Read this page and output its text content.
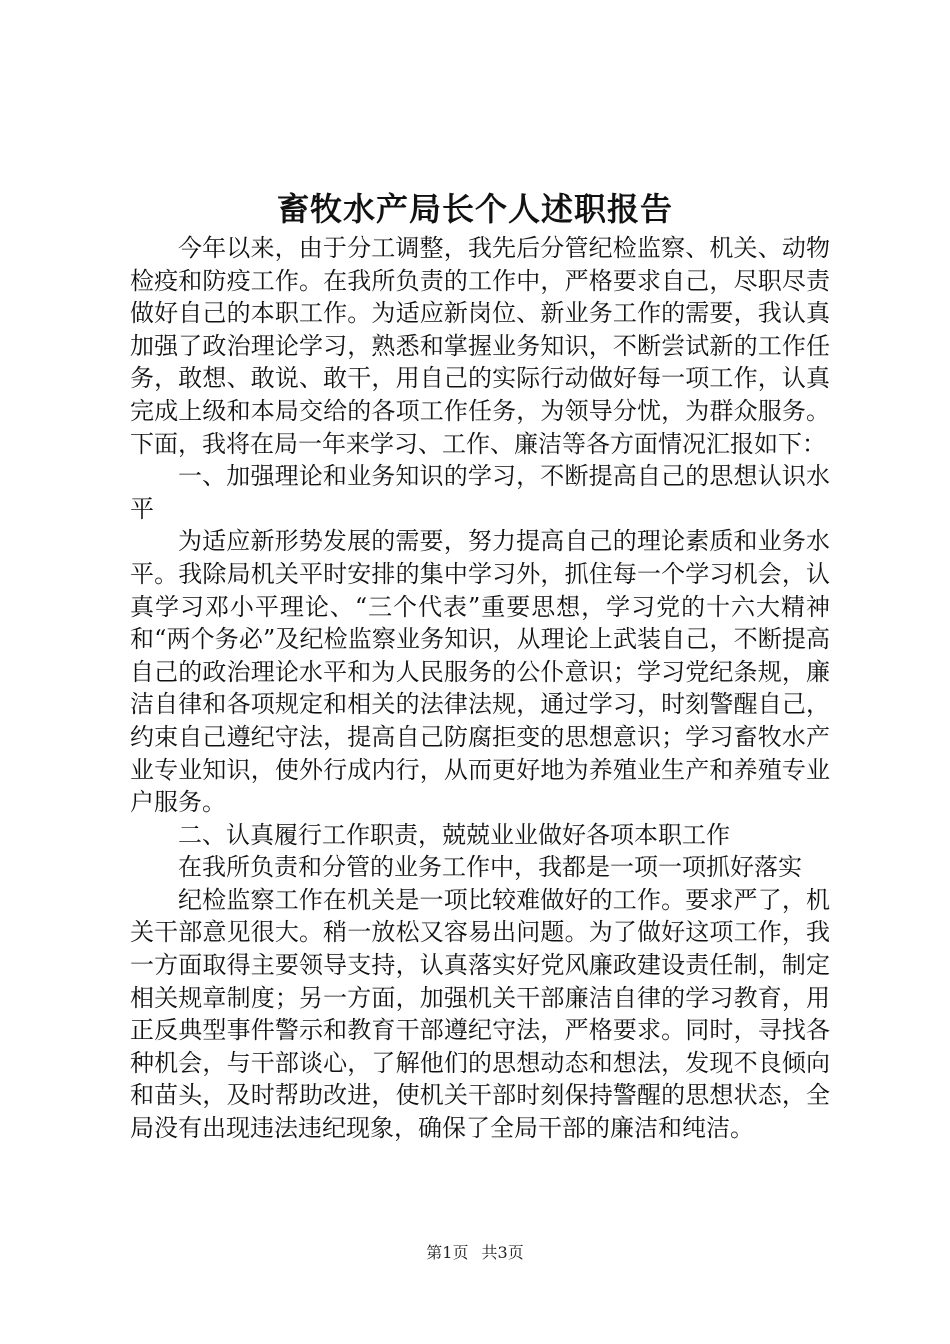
畜牧水产局长个人述职报告

今年以来，由于分工调整，我先后分管纪检监察、机关、动物检疫和防疫工作。在我所负责的工作中，严格要求自己，尽职尽责做好自己的本职工作。为适应新岗位、新业务工作的需要，我认真加强了政治理论学习，熟悉和掌握业务知识，不断尝试新的工作任务，敢想、敢说、敢干，用自己的实际行动做好每一项工作，认真完成上级和本局交给的各项工作任务，为领导分忧，为群众服务。下面，我将在局一年来学习、工作、廉洁等各方面情况汇报如下：

一、加强理论和业务知识的学习，不断提高自己的思想认识水平

为适应新形势发展的需要，努力提高自己的理论素质和业务水平。我除局机关平时安排的集中学习外，抓住每一个学习机会，认真学习邓小平理论、“三个代表”重要思想，学习党的十六大精神和“两个务必”及纪检监察业务知识，从理论上武装自己，不断提高自己的政治理论水平和为人民服务的公仆意识；学习党纪条规，廉洁自律和各项规定和相关的法律法规，通过学习，时刻警醒自己，约束自己遵纪守法，提高自己防腐拒变的思想意识；学习畜牧水产业专业知识，使外行成内行，从而更好地为养殖业生产和养殖专业户服务。

二、认真履行工作职责，兢兢业业做好各项本职工作

在我所负责和分管的业务工作中，我都是一项一项抓好落实

纪检监察工作在机关是一项比较难做好的工作。要求严了，机关干部意见很大。稍一放松又容易出问题。为了做好这项工作，我一方面取得主要领导支持，认真落实好党风廉政建设责任制，制定相关规章制度；另一方面，加强机关干部廉洁自律的学习教育，用正反典型事件警示和教育干部遵纪守法，严格要求。同时，寻找各种机会，与干部谈心，了解他们的思想动态和想法，发现不良倾向和苗头，及时帮助改进，使机关干部时刻保持警醒的思想状态，全局没有出现违法违纪现象，确保了全局干部的廉洁和纯洁。

第1页 共3页
